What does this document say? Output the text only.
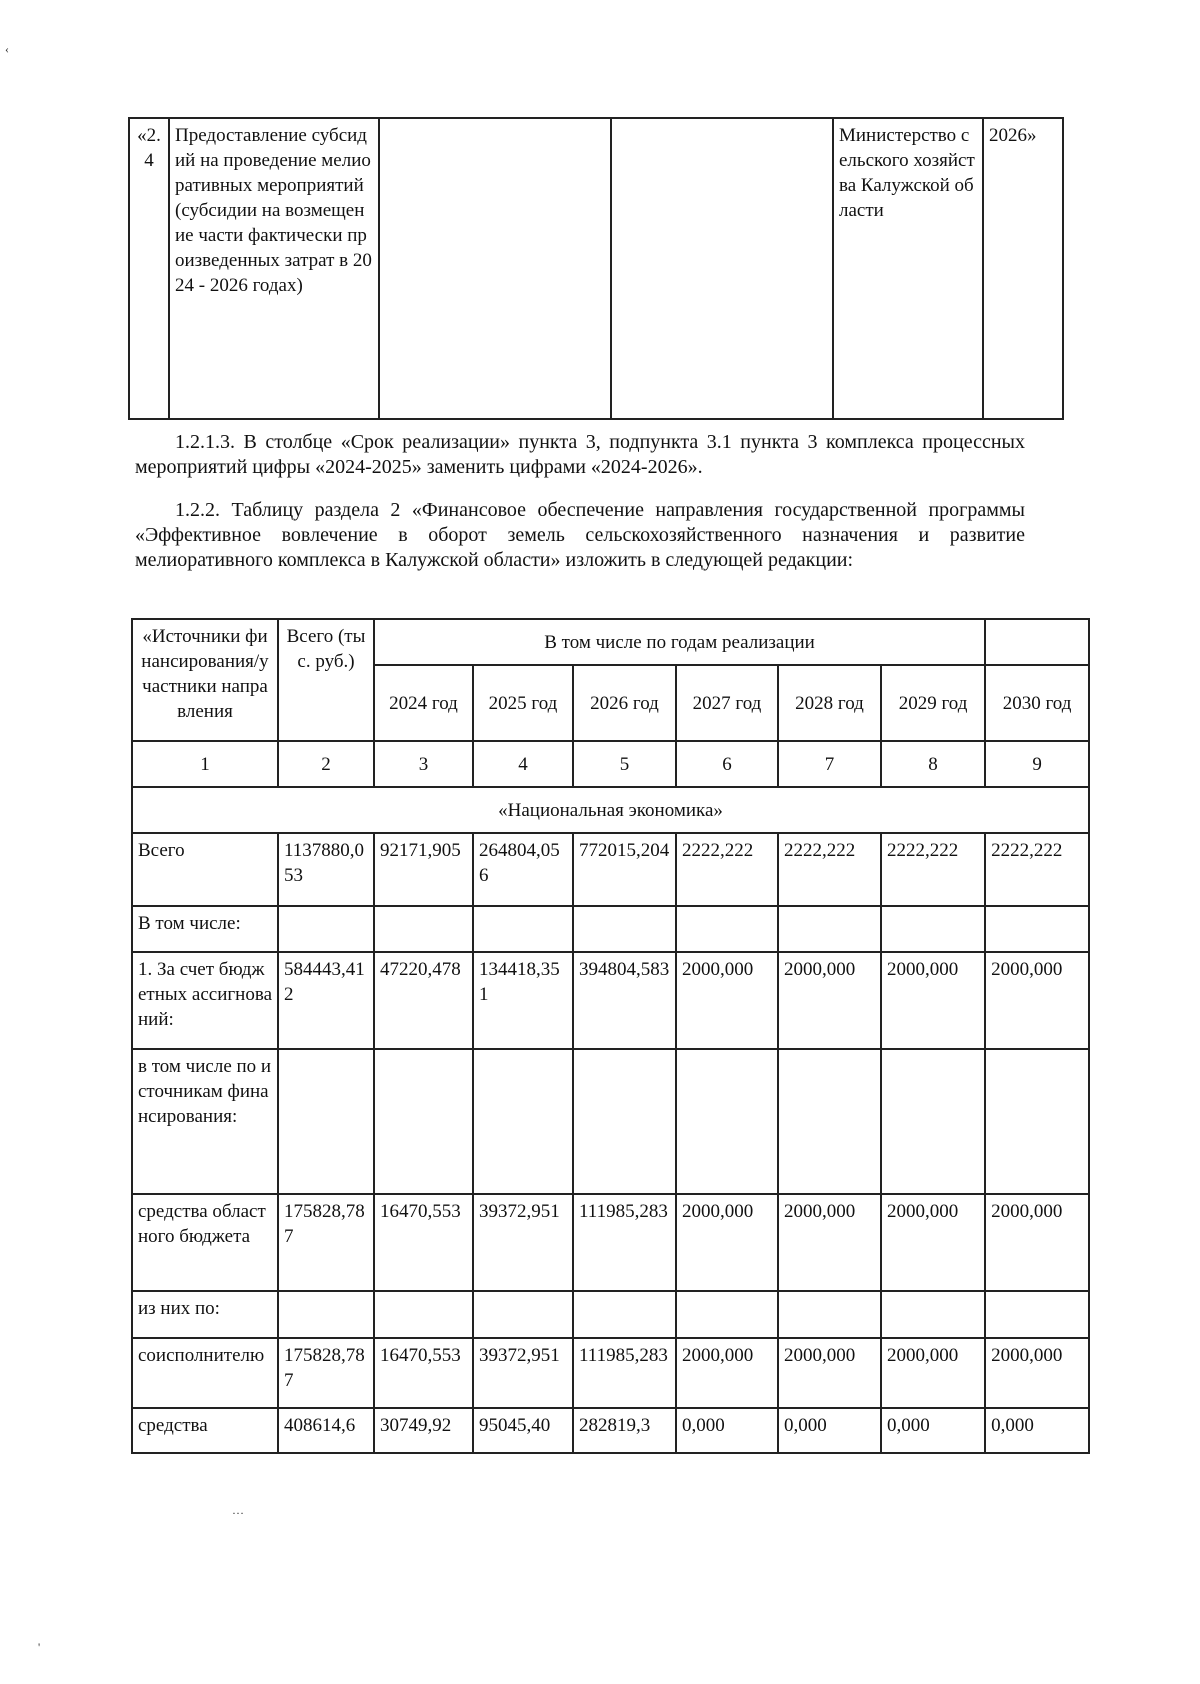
‹
«2.4	Предоставление субсидий на проведение мелиоративных мероприятий (субсидии на возмещение части фактически произведенных затрат в 2024 - 2026 годах)			Министерство сельского хозяйства Калужской области	2026»
1.2.1.3. В столбце «Срок реализации» пункта 3, подпункта 3.1 пункта 3 комплекса процессных мероприятий цифры «2024-2025» заменить цифрами «2024-2026».
1.2.2. Таблицу раздела 2 «Финансовое обеспечение направления государственной программы «Эффективное вовлечение в оборот земель сельскохозяйственного назначения и развитие мелиоративного комплекса в Калужской области» изложить в следующей редакции:
«Источники финансирования/участники направления	Всего (тыс. руб.)	В том числе по годам реализации						
		2024 год	2025 год	2026 год	2027 год	2028 год	2029 год	2030 год
1	2	3	4	5	6	7	8	9
«Национальная экономика»								
Всего	1137880,053	92171,905	264804,056	772015,204	2222,222	2222,222	2222,222	2222,222
В том числе:								
1. За счет бюджетных ассигнований:	584443,412	47220,478	134418,351	394804,583	2000,000	2000,000	2000,000	2000,000
в том числе по источникам финансирования:								
средства областного бюджета	175828,787	16470,553	39372,951	111985,283	2000,000	2000,000	2000,000	2000,000
из них по:								
соисполнителю	175828,787	16470,553	39372,951	111985,283	2000,000	2000,000	2000,000	2000,000
средства	408614,6	30749,92	95045,40	282819,3	0,000	0,000	0,000	0,000
…
'
